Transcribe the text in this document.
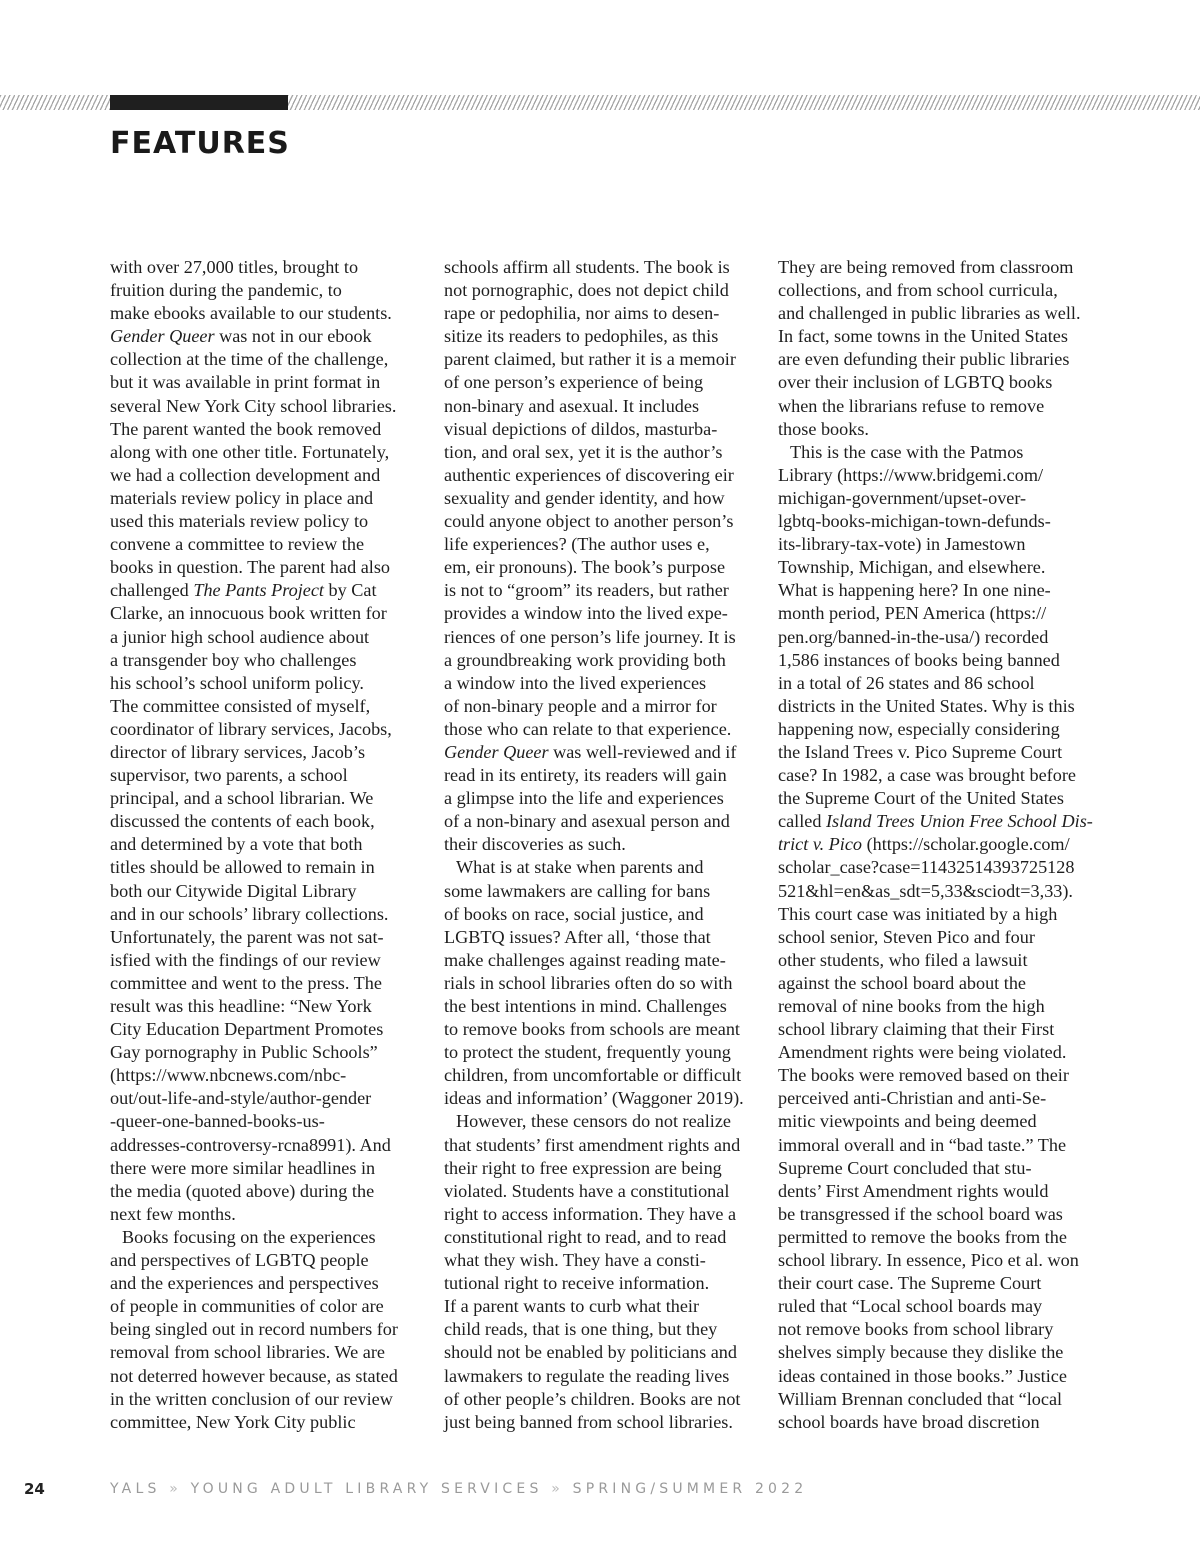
FEATURES
with over 27,000 titles, brought to
fruition during the pandemic, to
make ebooks available to our students.
Gender Queer was not in our ebook
collection at the time of the challenge,
but it was available in print format in
several New York City school libraries.
The parent wanted the book removed
along with one other title. Fortunately,
we had a collection development and
materials review policy in place and
used this materials review policy to
convene a committee to review the
books in question. The parent had also
challenged The Pants Project by Cat
Clarke, an innocuous book written for
a junior high school audience about
a transgender boy who challenges
his school’s school uniform policy.
The committee consisted of myself,
coordinator of library services, Jacobs,
director of library services, Jacob’s
supervisor, two parents, a school
principal, and a school librarian. We
discussed the contents of each book,
and determined by a vote that both
titles should be allowed to remain in
both our Citywide Digital Library
and in our schools’ library collections.
Unfortunately, the parent was not sat-
isfied with the findings of our review
committee and went to the press. The
result was this headline: “New York
City Education Department Promotes
Gay pornography in Public Schools”
(https://www.nbcnews.com/nbc-
out/out-life-and-style/author-gender
-queer-one-banned-books-us-
addresses-controversy-rcna8991). And
there were more similar headlines in
the media (quoted above) during the
next few months.
Books focusing on the experiences
and perspectives of LGBTQ people
and the experiences and perspectives
of people in communities of color are
being singled out in record numbers for
removal from school libraries. We are
not deterred however because, as stated
in the written conclusion of our review
committee, New York City public
schools affirm all students. The book is
not pornographic, does not depict child
rape or pedophilia, nor aims to desen-
sitize its readers to pedophiles, as this
parent claimed, but rather it is a memoir
of one person’s experience of being
non-binary and asexual. It includes
visual depictions of dildos, masturba-
tion, and oral sex, yet it is the author’s
authentic experiences of discovering eir
sexuality and gender identity, and how
could anyone object to another person’s
life experiences? (The author uses e,
em, eir pronouns). The book’s purpose
is not to “groom” its readers, but rather
provides a window into the lived expe-
riences of one person’s life journey. It is
a groundbreaking work providing both
a window into the lived experiences
of non-binary people and a mirror for
those who can relate to that experience.
Gender Queer was well-reviewed and if
read in its entirety, its readers will gain
a glimpse into the life and experiences
of a non-binary and asexual person and
their discoveries as such.
What is at stake when parents and
some lawmakers are calling for bans
of books on race, social justice, and
LGBTQ issues? After all, ‘those that
make challenges against reading mate-
rials in school libraries often do so with
the best intentions in mind. Challenges
to remove books from schools are meant
to protect the student, frequently young
children, from uncomfortable or difficult
ideas and information’ (Waggoner 2019).
However, these censors do not realize
that students’ first amendment rights and
their right to free expression are being
violated. Students have a constitutional
right to access information. They have a
constitutional right to read, and to read
what they wish. They have a consti-
tutional right to receive information.
If a parent wants to curb what their
child reads, that is one thing, but they
should not be enabled by politicians and
lawmakers to regulate the reading lives
of other people’s children. Books are not
just being banned from school libraries.
They are being removed from classroom
collections, and from school curricula,
and challenged in public libraries as well.
In fact, some towns in the United States
are even defunding their public libraries
over their inclusion of LGBTQ books
when the librarians refuse to remove
those books.
This is the case with the Patmos
Library (https://www.bridgemi.com/
michigan-government/upset-over-
lgbtq-books-michigan-town-defunds-
its-library-tax-vote) in Jamestown
Township, Michigan, and elsewhere.
What is happening here? In one nine-
month period, PEN America (https://
pen.org/banned-in-the-usa/) recorded
1,586 instances of books being banned
in a total of 26 states and 86 school
districts in the United States. Why is this
happening now, especially considering
the Island Trees v. Pico Supreme Court
case? In 1982, a case was brought before
the Supreme Court of the United States
called Island Trees Union Free School Dis-
trict v. Pico (https://scholar.google.com/
scholar_case?case=11432514393725128
521&hl=en&as_sdt=5,33&sciodt=3,33).
This court case was initiated by a high
school senior, Steven Pico and four
other students, who filed a lawsuit
against the school board about the
removal of nine books from the high
school library claiming that their First
Amendment rights were being violated.
The books were removed based on their
perceived anti-Christian and anti-Se-
mitic viewpoints and being deemed
immoral overall and in “bad taste.” The
Supreme Court concluded that stu-
dents’ First Amendment rights would
be transgressed if the school board was
permitted to remove the books from the
school library. In essence, Pico et al. won
their court case. The Supreme Court
ruled that “Local school boards may
not remove books from school library
shelves simply because they dislike the
ideas contained in those books.” Justice
William Brennan concluded that “local
school boards have broad discretion
24	YALS » YOUNG ADULT LIBRARY SERVICES » SPRING/SUMMER 2022
